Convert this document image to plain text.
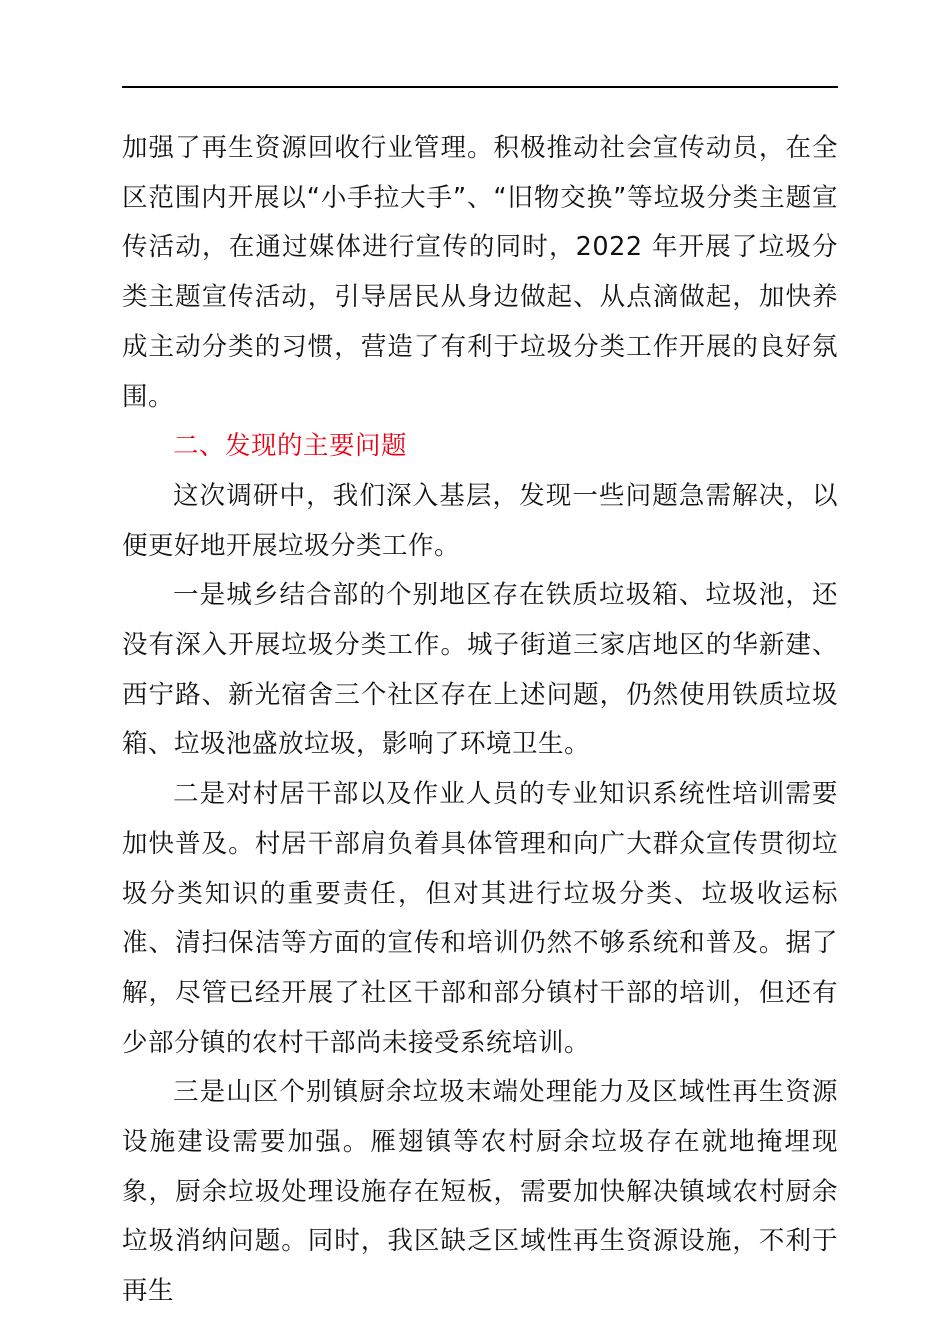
加强了再生资源回收行业管理。积极推动社会宣传动员，在全区范围内开展以“小手拉大手”、“旧物交换”等垃圾分类主题宣传活动，在通过媒体进行宣传的同时，2022 年开展了垃圾分类主题宣传活动，引导居民从身边做起、从点滴做起，加快养成主动分类的习惯，营造了有利于垃圾分类工作开展的良好氛围。

二、发现的主要问题

这次调研中，我们深入基层，发现一些问题急需解决，以便更好地开展垃圾分类工作。

一是城乡结合部的个别地区存在铁质垃圾箱、垃圾池，还没有深入开展垃圾分类工作。城子街道三家店地区的华新建、西宁路、新光宿舍三个社区存在上述问题，仍然使用铁质垃圾箱、垃圾池盛放垃圾，影响了环境卫生。

二是对村居干部以及作业人员的专业知识系统性培训需要加快普及。村居干部肩负着具体管理和向广大群众宣传贯彻垃圾分类知识的重要责任，但对其进行垃圾分类、垃圾收运标准、清扫保洁等方面的宣传和培训仍然不够系统和普及。据了解，尽管已经开展了社区干部和部分镇村干部的培训，但还有少部分镇的农村干部尚未接受系统培训。

三是山区个别镇厨余垃圾末端处理能力及区域性再生资源设施建设需要加强。雁翅镇等农村厨余垃圾存在就地掩埋现象，厨余垃圾处理设施存在短板，需要加快解决镇域农村厨余垃圾消纳问题。同时，我区缺乏区域性再生资源设施，不利于再生
